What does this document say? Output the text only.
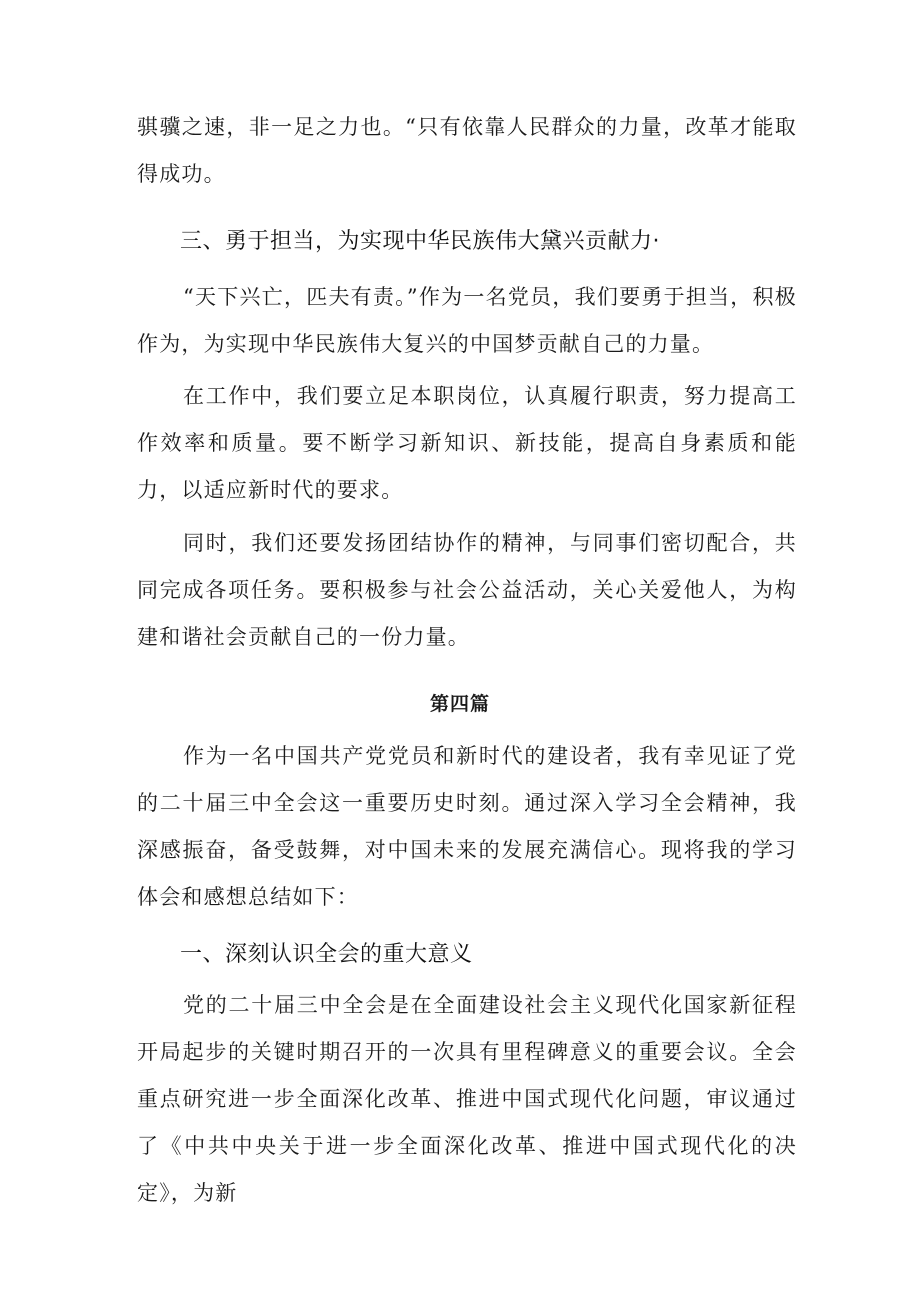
骐骥之速，非一足之力也。“只有依靠人民群众的力量，改革才能取得成功。

三、勇于担当，为实现中华民族伟大黛兴贡献力·

“天下兴亡，匹夫有责。”作为一名党员，我们要勇于担当，积极作为，为实现中华民族伟大复兴的中国梦贡献自己的力量。

在工作中，我们要立足本职岗位，认真履行职责，努力提高工作效率和质量。要不断学习新知识、新技能，提高自身素质和能力，以适应新时代的要求。

同时，我们还要发扬团结协作的精神，与同事们密切配合，共同完成各项任务。要积极参与社会公益活动，关心关爱他人，为构建和谐社会贡献自己的一份力量。

第四篇

作为一名中国共产党党员和新时代的建设者，我有幸见证了党的二十届三中全会这一重要历史时刻。通过深入学习全会精神，我深感振奋，备受鼓舞，对中国未来的发展充满信心。现将我的学习体会和感想总结如下：

一、深刻认识全会的重大意义

党的二十届三中全会是在全面建设社会主义现代化国家新征程开局起步的关键时期召开的一次具有里程碑意义的重要会议。全会重点研究进一步全面深化改革、推进中国式现代化问题，审议通过了《中共中央关于进一步全面深化改革、推进中国式现代化的决定》，为新
